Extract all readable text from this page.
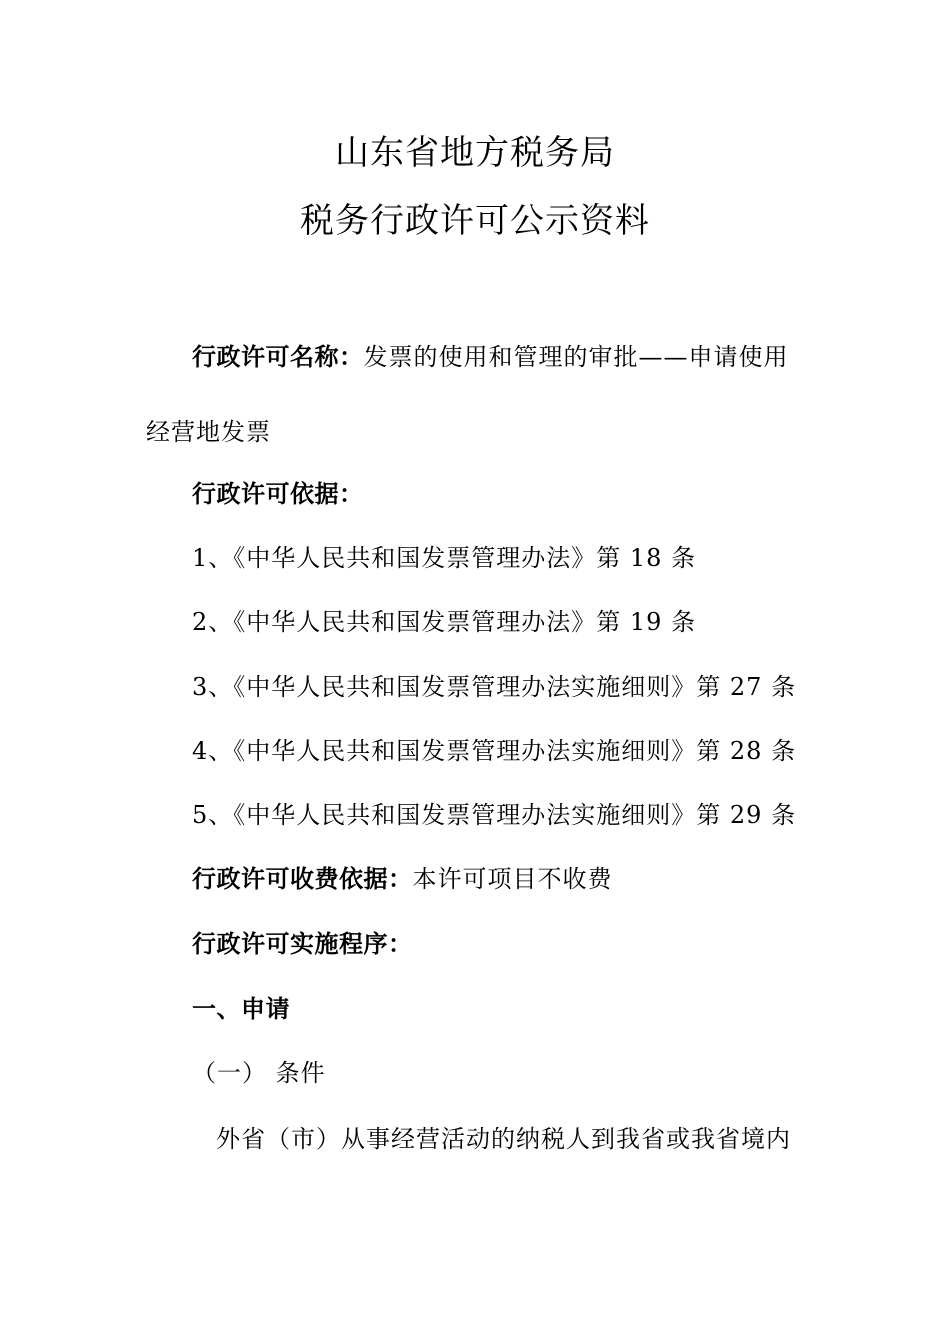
山东省地方税务局
税务行政许可公示资料
行政许可名称：发票的使用和管理的审批——申请使用
经营地发票
行政许可依据：
1、《中华人民共和国发票管理办法》第 18 条
2、《中华人民共和国发票管理办法》第 19 条
3、《中华人民共和国发票管理办法实施细则》第 27 条
4、《中华人民共和国发票管理办法实施细则》第 28 条
5、《中华人民共和国发票管理办法实施细则》第 29 条
行政许可收费依据：本许可项目不收费
行政许可实施程序：
一、申请
（一） 条件
外省（市）从事经营活动的纳税人到我省或我省境内
